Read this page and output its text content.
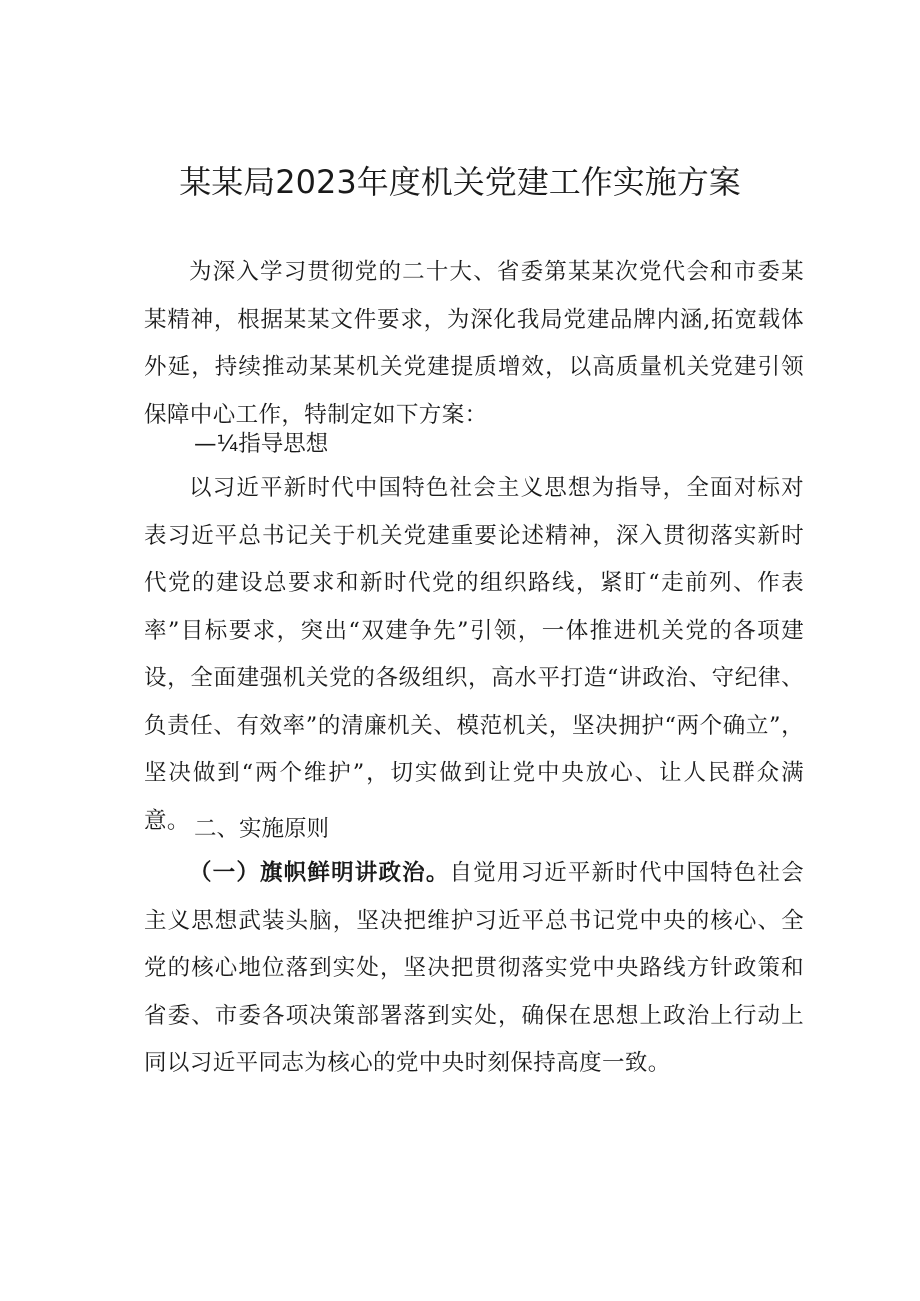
某某局2023年度机关党建工作实施方案
为深入学习贯彻党的二十大、省委第某某次党代会和市委某某精神，根据某某文件要求，为深化我局党建品牌内涵,拓宽载体外延，持续推动某某机关党建提质增效，以高质量机关党建引领保障中心工作，特制定如下方案：
—¼指导思想
以习近平新时代中国特色社会主义思想为指导，全面对标对表习近平总书记关于机关党建重要论述精神，深入贯彻落实新时代党的建设总要求和新时代党的组织路线，紧盯“走前列、作表率”目标要求，突出“双建争先”引领，一体推进机关党的各项建设，全面建强机关党的各级组织，高水平打造“讲政治、守纪律、负责任、有效率”的清廉机关、模范机关，坚决拥护“两个确立”，坚决做到“两个维护”，切实做到让党中央放心、让人民群众满意。 二、实施原则
（一）旗帜鲜明讲政治。自觉用习近平新时代中国特色社会主义思想武装头脑，坚决把维护习近平总书记党中央的核心、全党的核心地位落到实处，坚决把贯彻落实党中央路线方针政策和省委、市委各项决策部署落到实处，确保在思想上政治上行动上同以习近平同志为核心的党中央时刻保持高度一致。
